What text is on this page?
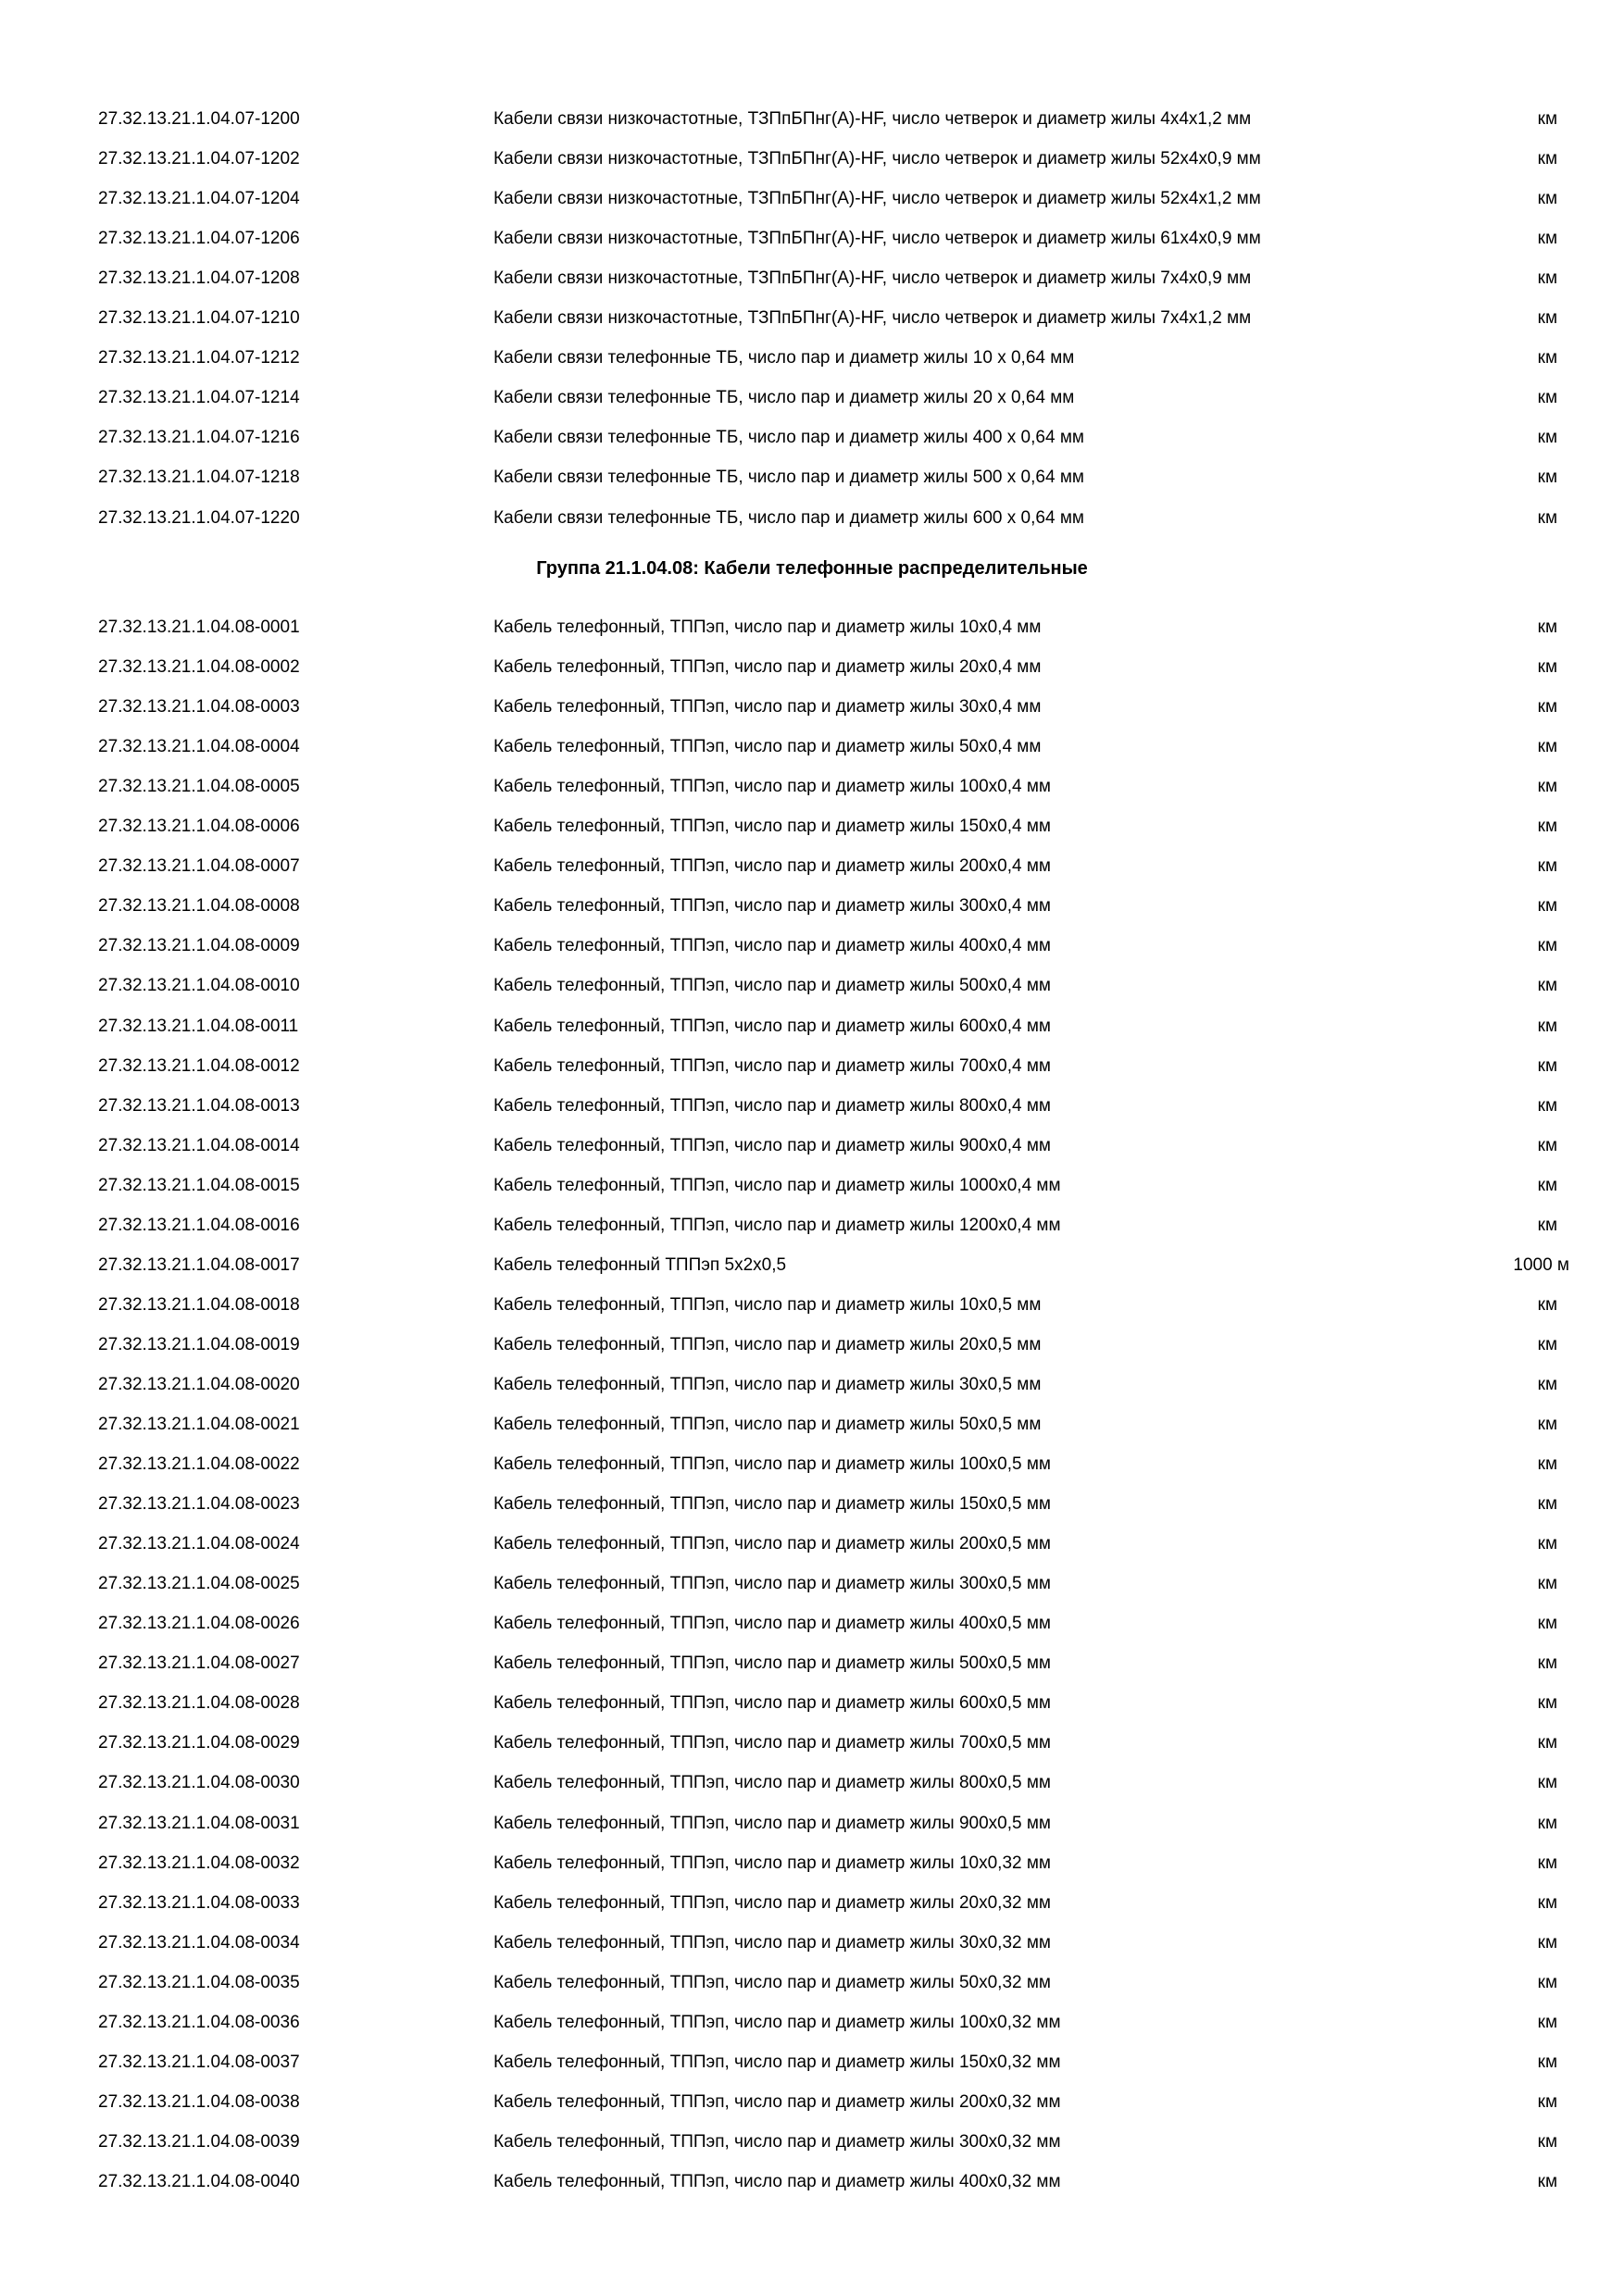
27.32.13.21.1.04.07-1200	Кабели связи низкочастотные, ТЗПпБПнг(А)-HF, число четверок и диаметр жилы 4х4х1,2 мм	км
27.32.13.21.1.04.07-1202	Кабели связи низкочастотные, ТЗПпБПнг(А)-HF, число четверок и диаметр жилы 52х4х0,9 мм	км
27.32.13.21.1.04.07-1204	Кабели связи низкочастотные, ТЗПпБПнг(А)-HF, число четверок и диаметр жилы 52х4х1,2 мм	км
27.32.13.21.1.04.07-1206	Кабели связи низкочастотные, ТЗПпБПнг(А)-HF, число четверок и диаметр жилы 61х4х0,9 мм	км
27.32.13.21.1.04.07-1208	Кабели связи низкочастотные, ТЗПпБПнг(А)-HF, число четверок и диаметр жилы 7х4х0,9 мм	км
27.32.13.21.1.04.07-1210	Кабели связи низкочастотные, ТЗПпБПнг(А)-HF, число четверок и диаметр жилы 7х4х1,2 мм	км
27.32.13.21.1.04.07-1212	Кабели связи телефонные ТБ, число пар и диаметр жилы 10 х 0,64 мм	км
27.32.13.21.1.04.07-1214	Кабели связи телефонные ТБ, число пар и диаметр жилы 20 х 0,64 мм	км
27.32.13.21.1.04.07-1216	Кабели связи телефонные ТБ, число пар и диаметр жилы 400 х 0,64 мм	км
27.32.13.21.1.04.07-1218	Кабели связи телефонные ТБ, число пар и диаметр жилы 500 х 0,64 мм	км
27.32.13.21.1.04.07-1220	Кабели связи телефонные ТБ, число пар и диаметр жилы 600 х 0,64 мм	км
Группа 21.1.04.08: Кабели телефонные распределительные
27.32.13.21.1.04.08-0001	Кабель телефонный, ТППэп, число пар и диаметр жилы 10х0,4 мм	км
27.32.13.21.1.04.08-0002	Кабель телефонный, ТППэп, число пар и диаметр жилы 20х0,4 мм	км
27.32.13.21.1.04.08-0003	Кабель телефонный, ТППэп, число пар и диаметр жилы 30х0,4 мм	км
27.32.13.21.1.04.08-0004	Кабель телефонный, ТППэп, число пар и диаметр жилы 50х0,4 мм	км
27.32.13.21.1.04.08-0005	Кабель телефонный, ТППэп, число пар и диаметр жилы 100х0,4 мм	км
27.32.13.21.1.04.08-0006	Кабель телефонный, ТППэп, число пар и диаметр жилы 150х0,4 мм	км
27.32.13.21.1.04.08-0007	Кабель телефонный, ТППэп, число пар и диаметр жилы 200х0,4 мм	км
27.32.13.21.1.04.08-0008	Кабель телефонный, ТППэп, число пар и диаметр жилы 300х0,4 мм	км
27.32.13.21.1.04.08-0009	Кабель телефонный, ТППэп, число пар и диаметр жилы 400х0,4 мм	км
27.32.13.21.1.04.08-0010	Кабель телефонный, ТППэп, число пар и диаметр жилы 500х0,4 мм	км
27.32.13.21.1.04.08-0011	Кабель телефонный, ТППэп, число пар и диаметр жилы 600х0,4 мм	км
27.32.13.21.1.04.08-0012	Кабель телефонный, ТППэп, число пар и диаметр жилы 700х0,4 мм	км
27.32.13.21.1.04.08-0013	Кабель телефонный, ТППэп, число пар и диаметр жилы 800х0,4 мм	км
27.32.13.21.1.04.08-0014	Кабель телефонный, ТППэп, число пар и диаметр жилы 900х0,4 мм	км
27.32.13.21.1.04.08-0015	Кабель телефонный, ТППэп, число пар и диаметр жилы 1000х0,4 мм	км
27.32.13.21.1.04.08-0016	Кабель телефонный, ТППэп, число пар и диаметр жилы 1200х0,4 мм	км
27.32.13.21.1.04.08-0017	Кабель телефонный ТППэп 5х2х0,5	1000 м
27.32.13.21.1.04.08-0018	Кабель телефонный, ТППэп, число пар и диаметр жилы 10х0,5 мм	км
27.32.13.21.1.04.08-0019	Кабель телефонный, ТППэп, число пар и диаметр жилы 20х0,5 мм	км
27.32.13.21.1.04.08-0020	Кабель телефонный, ТППэп, число пар и диаметр жилы 30х0,5 мм	км
27.32.13.21.1.04.08-0021	Кабель телефонный, ТППэп, число пар и диаметр жилы 50х0,5 мм	км
27.32.13.21.1.04.08-0022	Кабель телефонный, ТППэп, число пар и диаметр жилы 100х0,5 мм	км
27.32.13.21.1.04.08-0023	Кабель телефонный, ТППэп, число пар и диаметр жилы 150х0,5 мм	км
27.32.13.21.1.04.08-0024	Кабель телефонный, ТППэп, число пар и диаметр жилы 200х0,5 мм	км
27.32.13.21.1.04.08-0025	Кабель телефонный, ТППэп, число пар и диаметр жилы 300х0,5 мм	км
27.32.13.21.1.04.08-0026	Кабель телефонный, ТППэп, число пар и диаметр жилы 400х0,5 мм	км
27.32.13.21.1.04.08-0027	Кабель телефонный, ТППэп, число пар и диаметр жилы 500х0,5 мм	км
27.32.13.21.1.04.08-0028	Кабель телефонный, ТППэп, число пар и диаметр жилы 600х0,5 мм	км
27.32.13.21.1.04.08-0029	Кабель телефонный, ТППэп, число пар и диаметр жилы 700х0,5 мм	км
27.32.13.21.1.04.08-0030	Кабель телефонный, ТППэп, число пар и диаметр жилы 800х0,5 мм	км
27.32.13.21.1.04.08-0031	Кабель телефонный, ТППэп, число пар и диаметр жилы 900х0,5 мм	км
27.32.13.21.1.04.08-0032	Кабель телефонный, ТППэп, число пар и диаметр жилы 10х0,32 мм	км
27.32.13.21.1.04.08-0033	Кабель телефонный, ТППэп, число пар и диаметр жилы 20х0,32 мм	км
27.32.13.21.1.04.08-0034	Кабель телефонный, ТППэп, число пар и диаметр жилы 30х0,32 мм	км
27.32.13.21.1.04.08-0035	Кабель телефонный, ТППэп, число пар и диаметр жилы 50х0,32 мм	км
27.32.13.21.1.04.08-0036	Кабель телефонный, ТППэп, число пар и диаметр жилы 100х0,32 мм	км
27.32.13.21.1.04.08-0037	Кабель телефонный, ТППэп, число пар и диаметр жилы 150х0,32 мм	км
27.32.13.21.1.04.08-0038	Кабель телефонный, ТППэп, число пар и диаметр жилы 200х0,32 мм	км
27.32.13.21.1.04.08-0039	Кабель телефонный, ТППэп, число пар и диаметр жилы 300х0,32 мм	км
27.32.13.21.1.04.08-0040	Кабель телефонный, ТППэп, число пар и диаметр жилы 400х0,32 мм	км
